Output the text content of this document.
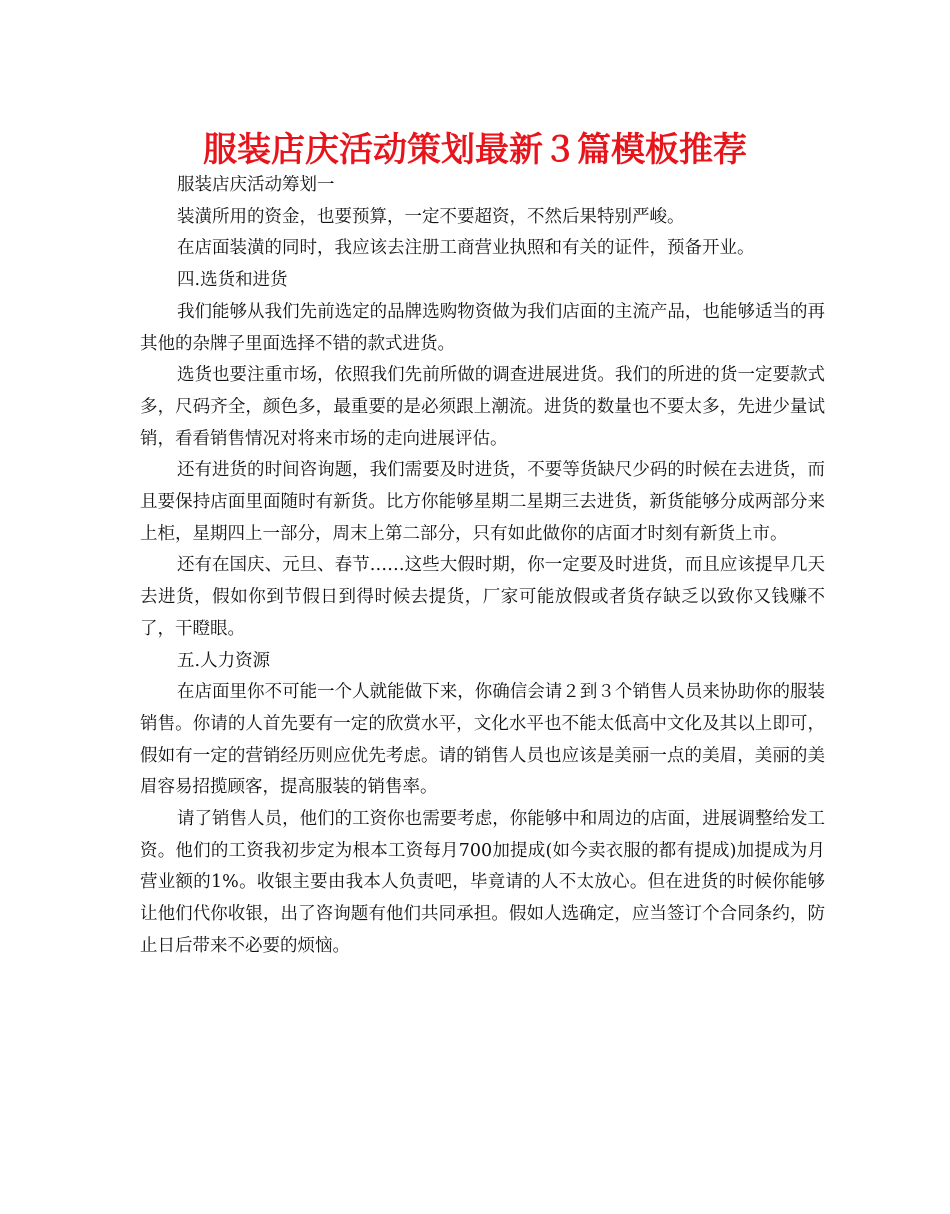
服装店庆活动策划最新３篇模板推荐

服装店庆活动筹划一

装潢所用的资金，也要预算，一定不要超资，不然后果特别严峻。

在店面装潢的同时，我应该去注册工商营业执照和有关的证件，预备开业。

四.选货和进货

我们能够从我们先前选定的品牌选购物资做为我们店面的主流产品，也能够适当的再其他的杂牌子里面选择不错的款式进货。

选货也要注重市场，依照我们先前所做的调查进展进货。我们的所进的货一定要款式多，尺码齐全，颜色多，最重要的是必须跟上潮流。进货的数量也不要太多，先进少量试销，看看销售情况对将来市场的走向进展评估。

还有进货的时间咨询题，我们需要及时进货，不要等货缺尺少码的时候在去进货，而且要保持店面里面随时有新货。比方你能够星期二星期三去进货，新货能够分成两部分来上柜，星期四上一部分，周末上第二部分，只有如此做你的店面才时刻有新货上市。

还有在国庆、元旦、春节……这些大假时期，你一定要及时进货，而且应该提早几天去进货，假如你到节假日到得时候去提货，厂家可能放假或者货存缺乏以致你又钱赚不了，干瞪眼。

五.人力资源

在店面里你不可能一个人就能做下来，你确信会请２到３个销售人员来协助你的服装销售。你请的人首先要有一定的欣赏水平，文化水平也不能太低高中文化及其以上即可，假如有一定的营销经历则应优先考虑。请的销售人员也应该是美丽一点的美眉，美丽的美眉容易招揽顾客，提高服装的销售率。

请了销售人员，他们的工资你也需要考虑，你能够中和周边的店面，进展调整给发工资。他们的工资我初步定为根本工资每月700加提成(如今卖衣服的都有提成)加提成为月营业额的1%。收银主要由我本人负责吧，毕竟请的人不太放心。但在进货的时候你能够让他们代你收银，出了咨询题有他们共同承担。假如人选确定，应当签订个合同条约，防止日后带来不必要的烦恼。
